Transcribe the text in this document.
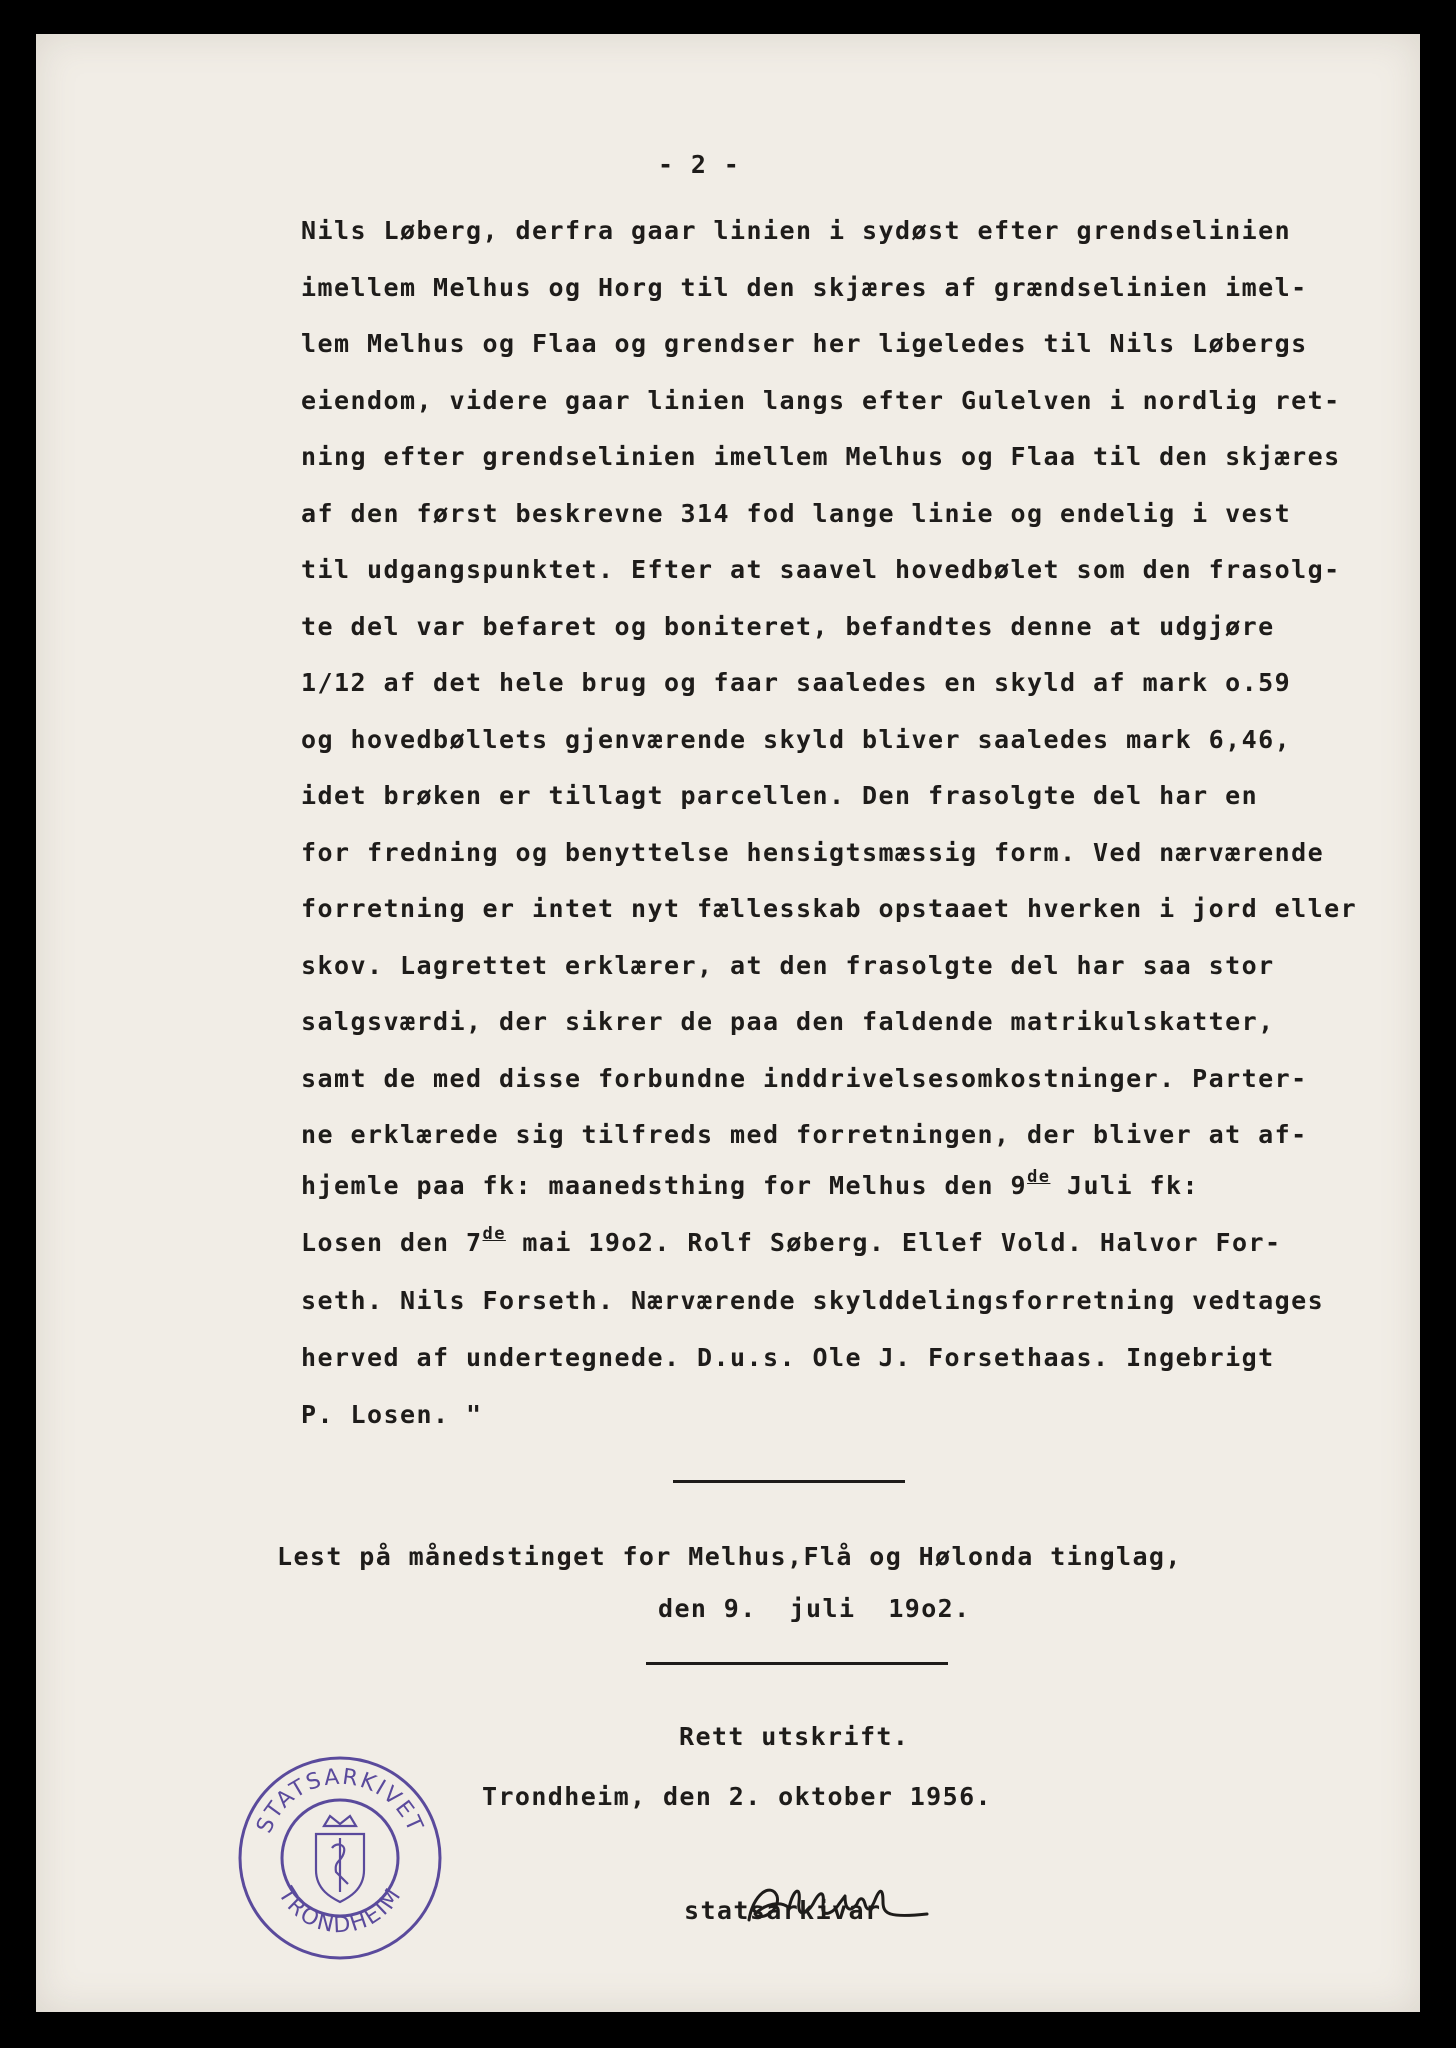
- 2 -
Nils Løberg, derfra gaar linien i sydøst efter grendselinien
imellem Melhus og Horg til den skjæres af grændselinien imel-
lem Melhus og Flaa og grendser her ligeledes til Nils Løbergs
eiendom, videre gaar linien langs efter Gulelven i nordlig ret-
ning efter grendselinien imellem Melhus og Flaa til den skjæres
af den først beskrevne 314 fod lange linie og endelig i vest
til udgangspunktet. Efter at saavel hovedbølet som den frasolg-
te del var befaret og boniteret, befandtes denne at udgjøre
1/12 af det hele brug og faar saaledes en skyld af mark o.59
og hovedbøllets gjenværende skyld bliver saaledes mark 6,46,
idet brøken er tillagt parcellen. Den frasolgte del har en
for fredning og benyttelse hensigtsmæssig form. Ved nærværende
forretning er intet nyt fællesskab opstaaet hverken i jord eller
skov. Lagrettet erklærer, at den frasolgte del har saa stor
salgsværdi, der sikrer de paa den faldende matrikulskatter,
samt de med disse forbundne inddrivelsesomkostninger. Parter-
ne erklærede sig tilfreds med forretningen, der bliver at af-
hjemle paa fk: maanedsthing for Melhus den 9de Juli fk:
Losen den 7de mai 19o2. Rolf Søberg. Ellef Vold. Halvor For-
seth. Nils Forseth. Nærværende skylddelingsforretning vedtages
herved af undertegnede. D.u.s. Ole J. Forsethaas. Ingebrigt
P. Losen. "
Lest på månedstinget for Melhus,Flå og Hølonda tinglag,
den 9.  juli  19o2.
Rett utskrift.
Trondheim, den 2. oktober 1956.
statsarkivar
STATSARKIVET
TRONDHEIM
